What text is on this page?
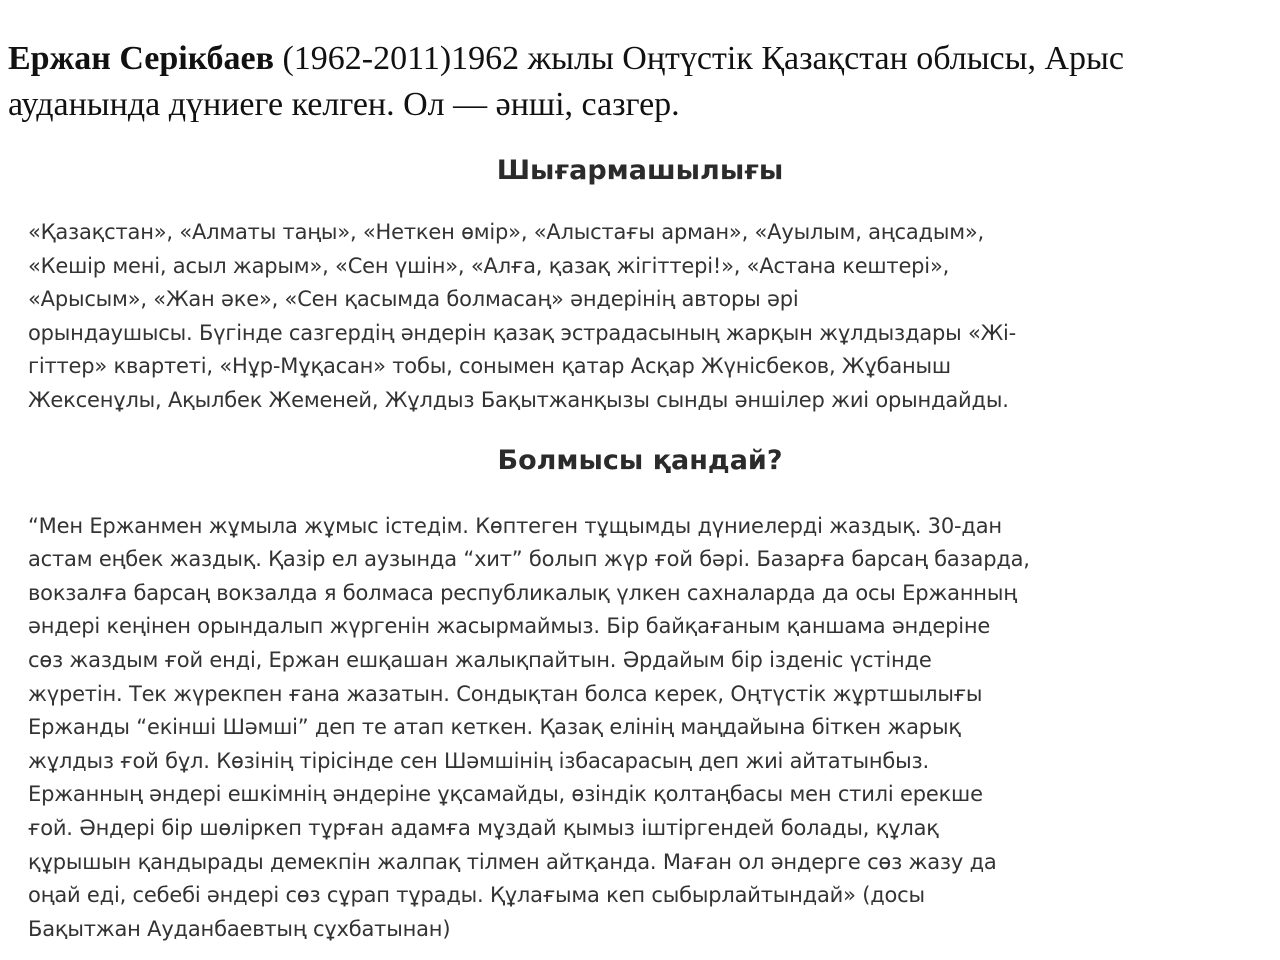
Ержан Серікбаев (1962-2011)1962 жылы Оңтүстік Қазақстан облысы, Арыс ауданында дүниеге келген. Ол — әнші, сазгер.

Шығармашылығы

«Қазақстан», «Алматы таңы», «Неткен өмір», «Алыстағы арман», «Ауылым, аңсадым»,
«Кешір мені, асыл жарым», «Сен үшін», «Алға, қазақ жігіттері!», «Астана кештері»,
«Арысым», «Жан әке», «Сен қасымда болмасаң» әндерінің авторы әрі
орындаушысы. Бүгінде сазгердің әндерін қазақ эстрадасының жарқын жұлдыздары «Жі-
гіттер» квартеті, «Нұр-Мұқасан» тобы, сонымен қатар Асқар Жүнісбеков, Жұбаныш
Жексенұлы, Ақылбек Жеменей, Жұлдыз Бақытжанқызы сынды әншілер жиі орындайды.

Болмысы қандай?

“Мен Ержанмен жұмыла жұмыс істедім. Көптеген тұщымды дүниелерді жаздық. 30-дан
астам еңбек жаздық. Қазір ел аузында “хит” болып жүр ғой бәрі. Базарға барсаң базарда,
вокзалға барсаң вокзалда я болмаса республикалық үлкен сахналарда да осы Ержанның
әндері кеңінен орындалып жүргенін жасырмаймыз. Бір байқағаным қаншама әндеріне
сөз жаздым ғой енді, Ержан ешқашан жалықпайтын. Әрдайым бір ізденіс үстінде
жүретін. Тек жүрекпен ғана жазатын. Сондықтан болса керек, Оңтүстік жұртшылығы
Ержанды “екінші Шәмші” деп те атап кеткен. Қазақ елінің маңдайына біткен жарық
жұлдыз ғой бұл. Көзінің тірісінде сен Шәмшінің ізбасарасың деп жиі айтатынбыз.
Ержанның әндері ешкімнің әндеріне ұқсамайды, өзіндік қолтаңбасы мен стилі ерекше
ғой. Әндері бір шөліркеп тұрған адамға мұздай қымыз іштіргендей болады, құлақ
құрышын қандырады демекпін жалпақ тілмен айтқанда. Маған ол әндерге сөз жазу да
оңай еді, себебі әндері сөз сұрап тұрады. Құлағыма кеп сыбырлайтындай» (досы
Бақытжан Ауданбаевтың сұхбатынан)
